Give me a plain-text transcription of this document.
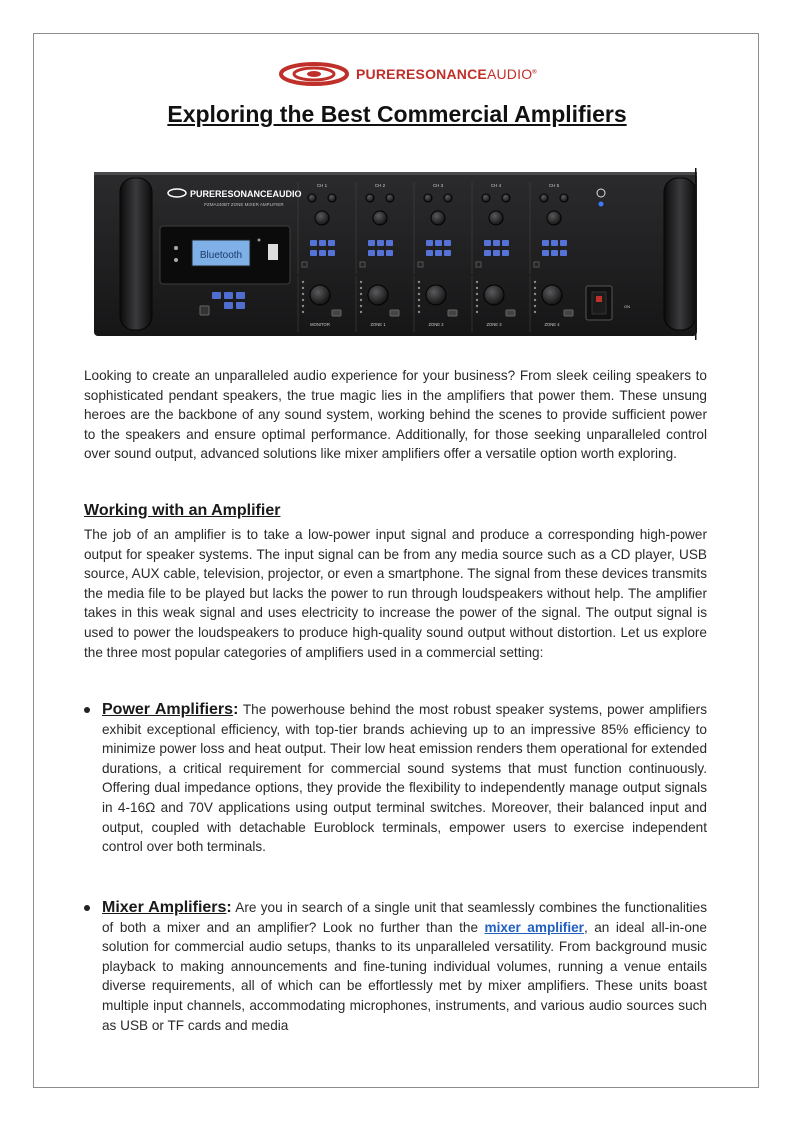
PURERESONANCEAUDIO®
Exploring the Best Commercial Amplifiers
PURERESONANCEAUDIO
PZMA240BT ZONE MIXER AMPLIFIER
Bluetooth
CH 1	CH 2	CH 3	CH 4	CH 5
MONITOR	ZONE 1	ZONE 2	ZONE 3	ZONE 4
ON
Looking to create an unparalleled audio experience for your business? From sleek ceiling speakers to sophisticated pendant speakers, the true magic lies in the amplifiers that power them. These unsung heroes are the backbone of any sound system, working behind the scenes to provide sufficient power to the speakers and ensure optimal performance. Additionally, for those seeking unparalleled control over sound output, advanced solutions like mixer amplifiers offer a versatile option worth exploring.
Working with an Amplifier
The job of an amplifier is to take a low-power input signal and produce a corresponding high-power output for speaker systems. The input signal can be from any media source such as a CD player, USB source, AUX cable, television, projector, or even a smartphone. The signal from these devices transmits the media file to be played but lacks the power to run through loudspeakers without help. The amplifier takes in this weak signal and uses electricity to increase the power of the signal. The output signal is used to power the loudspeakers to produce high-quality sound output without distortion. Let us explore the three most popular categories of amplifiers used in a commercial setting:
Power Amplifiers: The powerhouse behind the most robust speaker systems, power amplifiers exhibit exceptional efficiency, with top-tier brands achieving up to an impressive 85% efficiency to minimize power loss and heat output. Their low heat emission renders them operational for extended durations, a critical requirement for commercial sound systems that must function continuously. Offering dual impedance options, they provide the flexibility to independently manage output signals in 4-16Ω and 70V applications using output terminal switches. Moreover, their balanced input and output, coupled with detachable Euroblock terminals, empower users to exercise independent control over both terminals.
Mixer Amplifiers: Are you in search of a single unit that seamlessly combines the functionalities of both a mixer and an amplifier? Look no further than the mixer amplifier, an ideal all-in-one solution for commercial audio setups, thanks to its unparalleled versatility. From background music playback to making announcements and fine-tuning individual volumes, running a venue entails diverse requirements, all of which can be effortlessly met by mixer amplifiers. These units boast multiple input channels, accommodating microphones, instruments, and various audio sources such as USB or TF cards and media
